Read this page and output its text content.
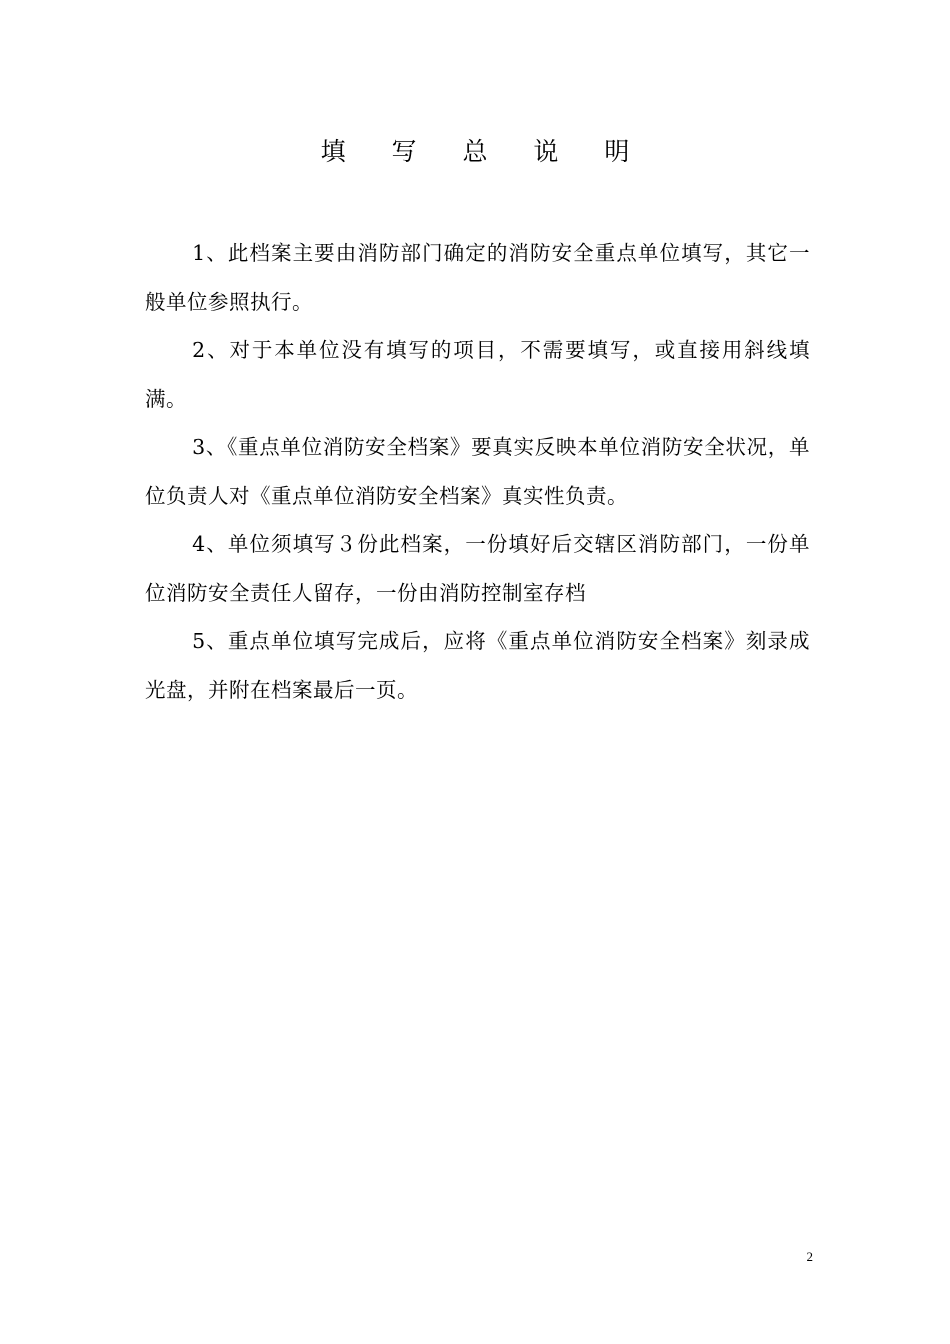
填 写 总 说 明

1、此档案主要由消防部门确定的消防安全重点单位填写，其它一般单位参照执行。

2、对于本单位没有填写的项目，不需要填写，或直接用斜线填满。

3、《重点单位消防安全档案》要真实反映本单位消防安全状况，单位负责人对《重点单位消防安全档案》真实性负责。

4、单位须填写３份此档案，一份填好后交辖区消防部门，一份单位消防安全责任人留存，一份由消防控制室存档

5、重点单位填写完成后，应将《重点单位消防安全档案》刻录成光盘，并附在档案最后一页。

2
